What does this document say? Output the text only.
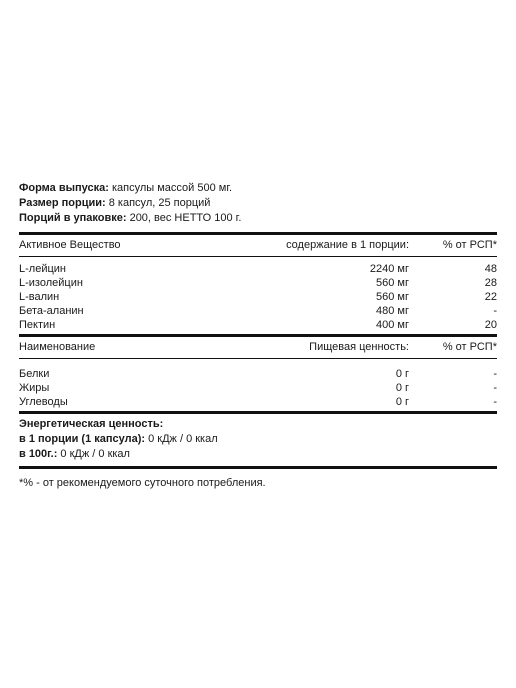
Форма выпуска: капсулы массой 500 мг.
Размер порции: 8 капсул, 25 порций
Порций в упаковке: 200, вес НЕТТО 100 г.
Активное Вещество	содержание в 1 порции:	% от РСП*
L-лейцин	2240 мг	48
L-изолейцин	560 мг	28
L-валин	560 мг	22
Бета-аланин	480 мг	-
Пектин	400 мг	20
Наименование	Пищевая ценность:	% от РСП*
Белки	0 г	-
Жиры	0 г	-
Углеводы	0 г	-
Энергетическая ценность:
в 1 порции (1 капсула): 0 кДж / 0 ккал
в 100г.: 0 кДж / 0 ккал
*% - от рекомендуемого суточного потребления.
